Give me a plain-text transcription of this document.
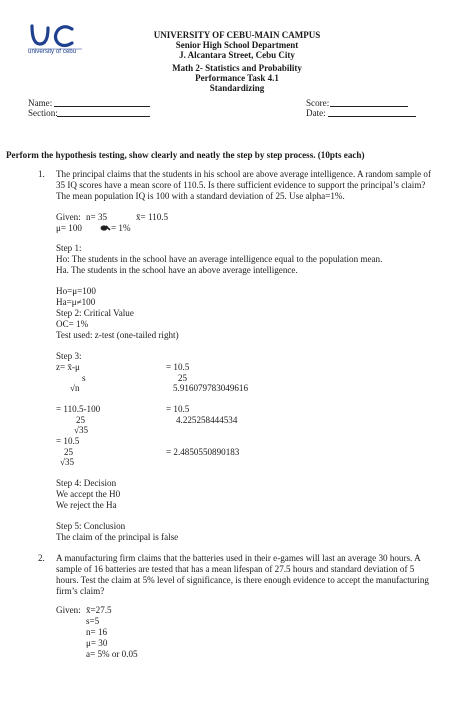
university of cebu
UNIVERSITY OF CEBU-MAIN CAMPUS
Senior High School Department
J. Alcantara Street, Cebu City
Math 2- Statistics and Probability
Performance Task 4.1
Standardizing
Name:
Section:
Score:
Date:
Perform the hypothesis testing, show clearly and neatly the step by step process. (10pts each)
1. The principal claims that the students in his school are above average intelligence. A random sample of
35 IQ scores have a mean score of 110.5. Is there sufficient evidence to support the principal’s claim?
The mean population IQ is 100 with a standard deviation of 25. Use alpha=1%.
Given: n= 35	x̄= 110.5
μ= 100	= 1%
Step 1:
Ho: The students in the school have an average intelligence equal to the population mean.
Ha. The students in the school have an above average intelligence.
Ho=μ=100
Ha=μ≠100
Step 2: Critical Value
OC= 1%
Test used: z-test (one-tailed right)
Step 3:
z= x̄-μ
s
√n
= 10.5
25
5.916079783049616
= 110.5-100
25
√35
= 10.5
4.225258444534
= 10.5
25
√35
= 2.4850550890183
Step 4: Decision
We accept the H0
We reject the Ha
Step 5: Conclusion
The claim of the principal is false
2. A manufacturing firm claims that the batteries used in their e-games will last an average 30 hours. A
sample of 16 batteries are tested that has a mean lifespan of 27.5 hours and standard deviation of 5
hours. Test the claim at 5% level of significance, is there enough evidence to accept the manufacturing
firm’s claim?
Given: x̄=27.5
s=5
n= 16
μ= 30
a= 5% or 0.05
